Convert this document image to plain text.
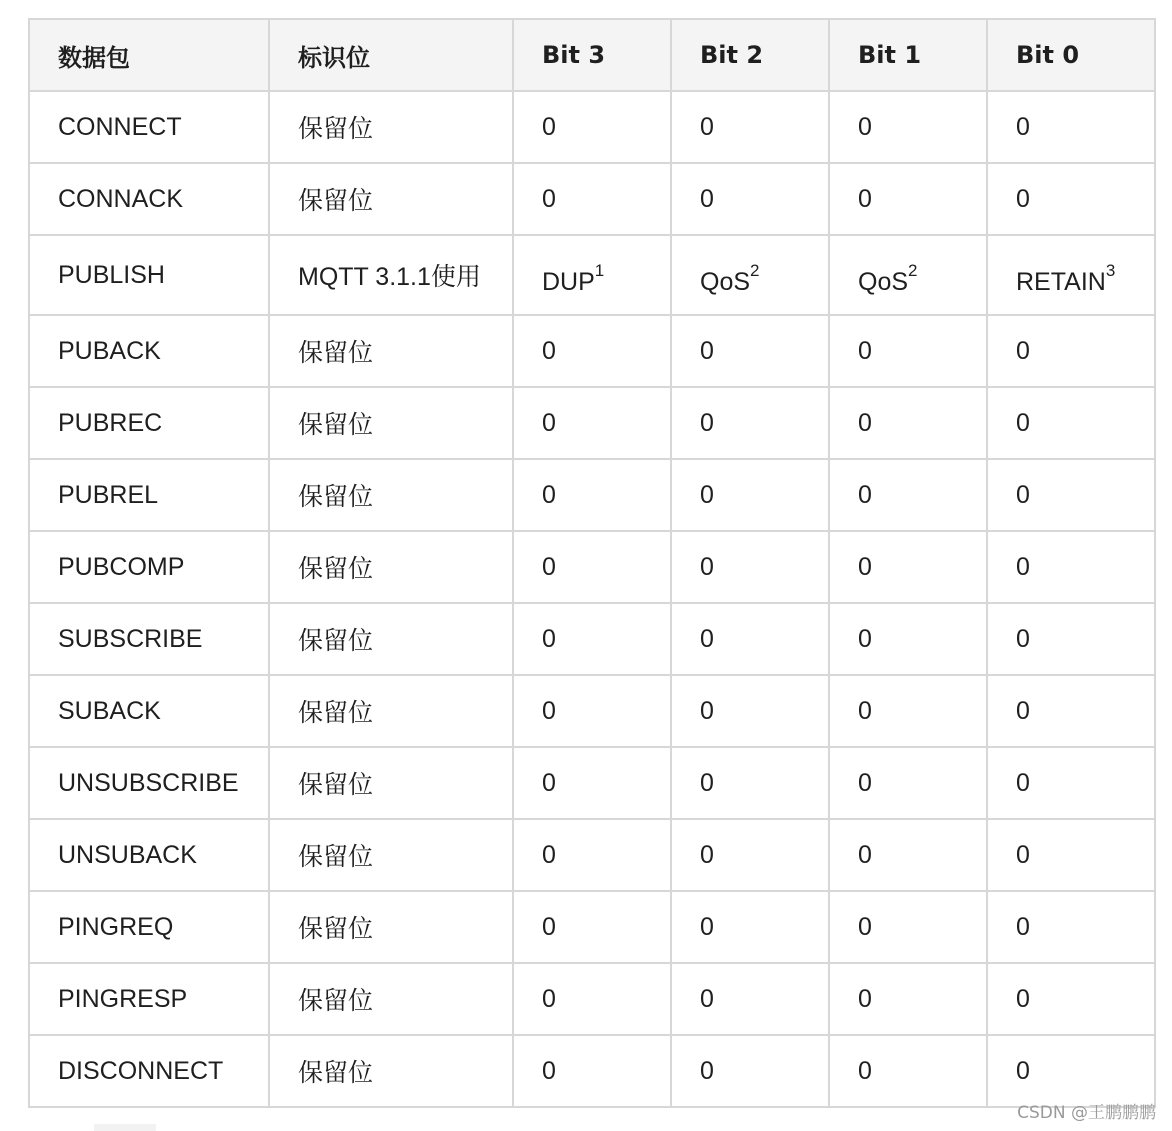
数据包	标识位	Bit 3	Bit 2	Bit 1	Bit 0
CONNECT	保留位	0	0	0	0
CONNACK	保留位	0	0	0	0
PUBLISH	MQTT 3.1.1使用	DUP$^1$	QoS$^2$	QoS$^2$	RETAIN$^3$
PUBACK	保留位	0	0	0	0
PUBREC	保留位	0	0	0	0
PUBREL	保留位	0	0	0	0
PUBCOMP	保留位	0	0	0	0
SUBSCRIBE	保留位	0	0	0	0
SUBACK	保留位	0	0	0	0
UNSUBSCRIBE	保留位	0	0	0	0
UNSUBACK	保留位	0	0	0	0
PINGREQ	保留位	0	0	0	0
PINGRESP	保留位	0	0	0	0
DISCONNECT	保留位	0	0	0	0
CSDN @王鹏鹏鹏
